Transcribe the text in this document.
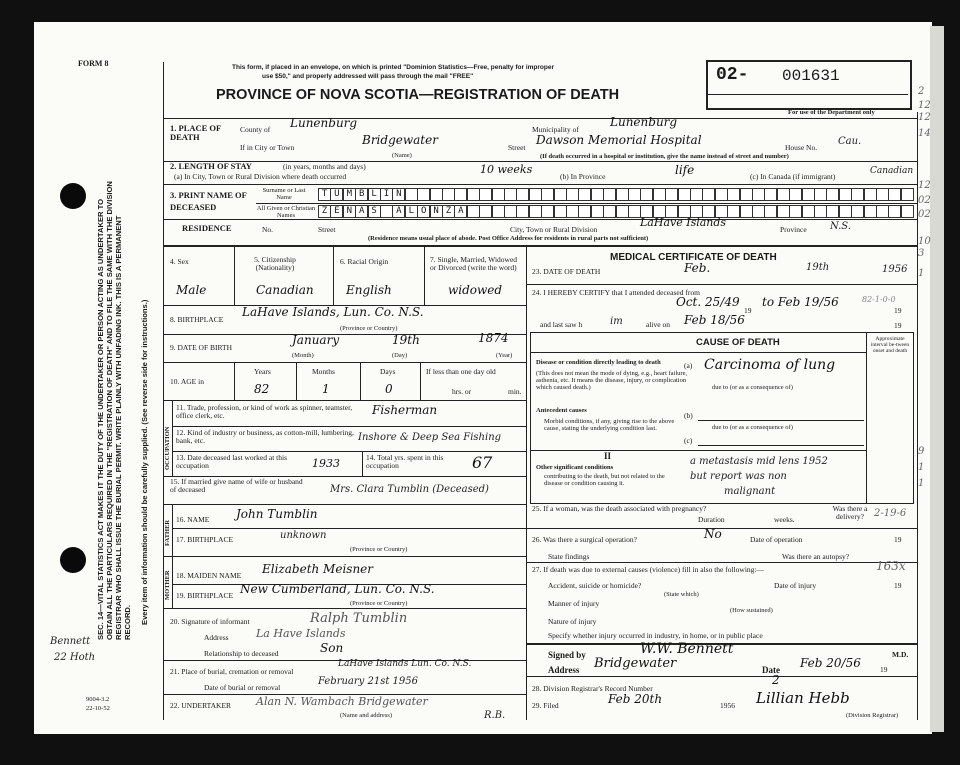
FORM 8
SEC. 14—VITAL STATISTICS ACT MAKES IT THE DUTY OF THE UNDERTAKER OR PERSON ACTING AS UNDERTAKER TO OBTAIN ALL THE PARTICULARS REQUIRED IN THE "REGISTRATION OF DEATH" AND TO FILE THE SAME WITH THE DIVISION REGISTRAR WHO SHALL ISSUE THE BURIAL PERMIT. WRITE PLAINLY WITH UNFADING INK. THIS IS A PERMANENT RECORD. Every item of information should be carefully supplied. (See reverse side for instructions.)
Bennett
22 Hoth
9004-3.2
22-10-52
This form, if placed in an envelope, on which is printed "Dominion Statistics—Free, penalty for improper
use $50," and properly addressed will pass through the mail "FREE"
PROVINCE OF NOVA SCOTIA—REGISTRATION OF DEATH
02- 001631
For use of the Department only
1. PLACE OF DEATH
County of Lunenburg	Municipality of
Lunenburg
If in City or Town
Bridgewater
(Name)
Street
Dawson Memorial Hospital
House No.
Cau.
(If death occurred in a hospital or institution, give the name instead of street and number)
2. LENGTH OF STAY	(in years, months and days)
(a) In City, Town or Rural Division where death occurred
10 weeks
(b) In Province	life	(c) In Canada (if immigrant)
Canadian
3. PRINT NAME OF DECEASED
Surname or Last Name
All Given or Christian Names
T U M B L I N
Z E N A S	A L O N Z A
RESIDENCE	No.	Street	City, Town or Rural Division
LaHave Islands
Province N.S.
(Residence means usual place of abode. Post Office Address for residents in rural parts not sufficient)
4. Sex	5. Citizenship (Nationality)
6. Racial Origin	7. Single, Married, Widowed or Divorced (write the word)
Male	Canadian	English	widowed
8. BIRTHPLACE
LaHave Islands, Lun. Co. N.S.
(Province or Country)
9. DATE OF BIRTH
January	19th	1874
(Month)	(Day)	(Year)
10. AGE in
Years	Months	Days	If less than one day old
82	1	0	hrs. or	min.
OCCUPATION
11. Trade, profession, or kind of work as spinner, teamster, office clerk, etc.	Fisherman
12. Kind of industry or business, as cotton-mill, lumbering, bank, etc.	Inshore & Deep Sea Fishing
13. Date deceased last worked at this occupation	1933	14. Total yrs. spent in this occupation	67
15. If married give name of wife or husband of deceased	Mrs. Clara Tumblin (Deceased)
FATHER
16. NAME John Tumblin
17. BIRTHPLACE	unknown
(Province or Country)
MOTHER 18. MAIDEN NAME Elizabeth Meisner
19. BIRTHPLACE New Cumberland, Lun. Co. N.S.
(Province or Country)
20. Signature of informant	Ralph Tumblin
Address La Have Islands
Relationship to deceased	Son
21. Place of burial, cremation or removal
LaHave Islands Lun. Co. N.S.
Date of burial or removal
February 21st 1956
22. UNDERTAKER Alan N. Wambach Bridgewater
(Name and address)	R.B.
MEDICAL CERTIFICATE OF DEATH
23. DATE OF DEATH	Feb.	19th	1956
24. I HEREBY CERTIFY that I attended deceased from
Oct. 25/49
19
to Feb 19/56
19
and last saw h	im	alive on Feb 18/56	19
CAUSE OF DEATH	Approximate interval be-tween onset and death
Disease or condition directly leading to death
(This does not mean the mode of dying, e.g., heart failure, asthenia, etc. It means the disease, injury, or complication which caused death.)
(a) Carcinoma of lung
due to (or as a consequence of)
Antecedent causes
Morbid conditions, if any, giving rise to the above cause, stating the underlying condition last.
(b)
due to (or as a consequence of)
(c)
II
Other significant conditions
contributing to the death, but not related to the disease or condition causing it.
a metastasis mid lens 1952
but report was non
malignant
25. If a woman, was the death associated with pregnancy?
Duration	weeks.
Was there a delivery?	2-19-6
26. Was there a surgical operation?	No	Date of operation	19
State findings	Was there an autopsy?
27. If death was due to external causes (violence) fill in also the following:—	163x
Accident, suicide or homicide?
(State which)
Date of injury	19
Manner of injury
(How sustained)
Nature of injury
Specify whether injury occurred in industry, in home, or in public place
Signed by	W.W. Bennett	M.D.
Address Bridgewater	Date Feb 20/56	19
28. Division Registrar's Record Number
2
29. Filed	Feb 20th	1956 Lillian Hebb
(Division Registrar)
82-1-0-0
2
12
12
14
12
02
02
10
3
1
9
1
1
